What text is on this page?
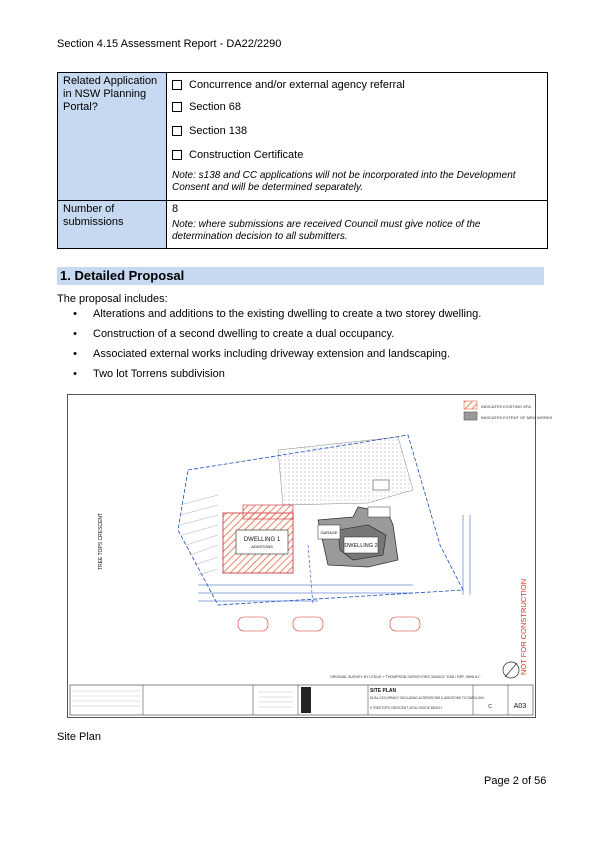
Section 4.15 Assessment Report - DA22/2290
Related Application in NSW Planning Portal?	Concurrence and/or external agency referral
Section 68
Section 138
Construction Certificate
Note: s138 and CC applications will not be incorporated into the Development Consent and will be determined separately.

Number of submissions	8
Note: where submissions are received Council must give notice of the determination decision to all submitters.
1. Detailed Proposal
The proposal includes:
•	Alterations and additions to the existing dwelling to create a two storey dwelling.
•	Construction of a second dwelling to create a dual occupancy.
•	Associated external works including driveway extension and landscaping.
•	Two lot Torrens subdivision
INDICATES EXISTING GFA
INDICATES EXTENT OF NEW WORKS
DWELLING 1
ADDITIONS	DWELLING 2
GARAGE
TREE TOPS CRESCENT
NOT FOR CONSTRUCTION
ORIGINAL SURVEY BY LESLIE + THOMPSON SURVEYORS 30/04/22 "DS8 / REF. 9896 A1"
SITE PLAN
DUAL OCCUPANCY INCLUDING ALTERATIONS & ADDITIONS TO DWELLING
5 TREETOPS CRESCENT, MOLLYMOOK BEACH	C	A03
Site Plan
Page 2 of 56
